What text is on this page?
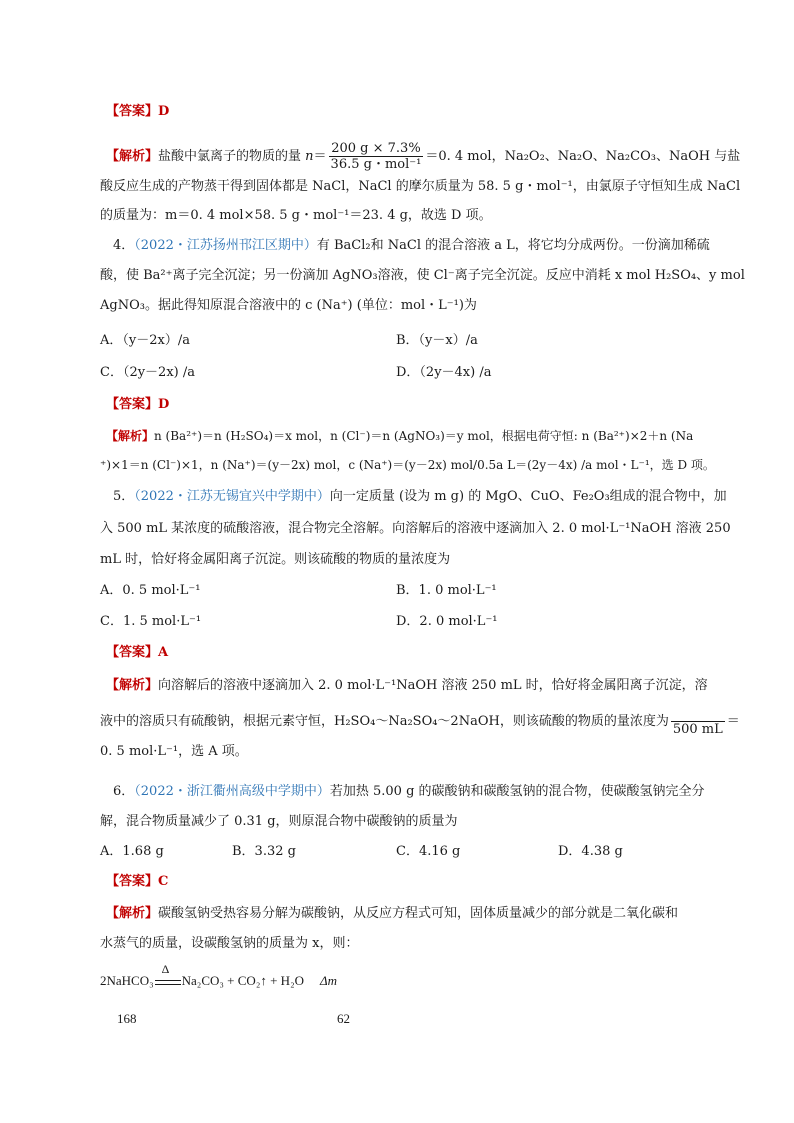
【答案】D
【解析】盐酸中氯离子的物质的量 $n= \frac{200 g \times 7.3\%}{\text{36.5 g・mol⁻¹}} =0$. 4 mol，Na₂O₂、Na₂O、Na₂CO₃、NaOH 与盐
酸反应生成的产物蒸干得到固体都是 NaCl，NaCl 的摩尔质量为 58. 5 g・mol⁻¹，由氯原子守恒知生成 NaCl
的质量为：m＝0. 4 mol×58. 5 g・mol⁻¹＝23. 4 g，故选 D 项。
4．（2022・江苏扬州邗江区期中）有 BaCl₂和 NaCl 的混合溶液 a L，将它均分成两份。一份滴加稀硫
酸，使 Ba²⁺离子完全沉淀；另一份滴加 AgNO₃溶液，使 Cl⁻离子完全沉淀。反应中消耗 x mol H₂SO₄、y mol
AgNO₃。据此得知原混合溶液中的 c (Na⁺) (单位：mol・L⁻¹)为
A．（y－2x）/a	B．（y－x）/a
C．（2y－2x) /a	D．（2y－4x) /a
【答案】D
【解析】n (Ba²⁺)＝n (H₂SO₄)＝x mol，n (Cl⁻)＝n (AgNO₃)＝y mol，根据电荷守恒: n (Ba²⁺)×2＋n (Na
⁺)×1＝n (Cl⁻)×1，n (Na⁺)＝(y－2x) mol，c (Na⁺)＝(y－2x) mol/0.5a L＝(2y－4x) /a mol・L⁻¹，选 D 项。
5．（2022・江苏无锡宜兴中学期中）向一定质量 (设为 m g) 的 MgO、CuO、Fe₂O₃组成的混合物中，加
入 500 mL 某浓度的硫酸溶液，混合物完全溶解。向溶解后的溶液中逐滴加入 2. 0 mol·L⁻¹NaOH 溶液 250
mL 时，恰好将金属阳离子沉淀。则该硫酸的物质的量浓度为
A．0. 5 mol·L⁻¹	B．1. 0 mol·L⁻¹
C．1. 5 mol·L⁻¹	D．2. 0 mol·L⁻¹
【答案】A
【解析】向溶解后的溶液中逐滴加入 2. 0 mol·L⁻¹NaOH 溶液 250 mL 时，恰好将金属阳离子沉淀，溶
液中的溶质只有硫酸钠，根据元素守恒，H₂SO₄～Na₂SO₄～2NaOH，则该硫酸的物质的量浓度为

500 mL
＝
0. 5 mol·L⁻¹，选 A 项。
6．（2022・浙江衢州高级中学期中）若加热 5.00 g 的碳酸钠和碳酸氢钠的混合物，使碳酸氢钠完全分
解，混合物质量减少了 0.31 g，则原混合物中碳酸钠的质量为
A．1.68 g	B．3.32 g	C．4.16 g	D．4.38 g
【答案】C
【解析】碳酸氢钠受热容易分解为碳酸钠，从反应方程式可知，固体质量减少的部分就是二氧化碳和
水蒸气的质量，设碳酸氢钠的质量为 x，则：
2NaHCO₃
Δ
Na₂CO₃ + CO₂↑ + H₂O Δm
168	62
